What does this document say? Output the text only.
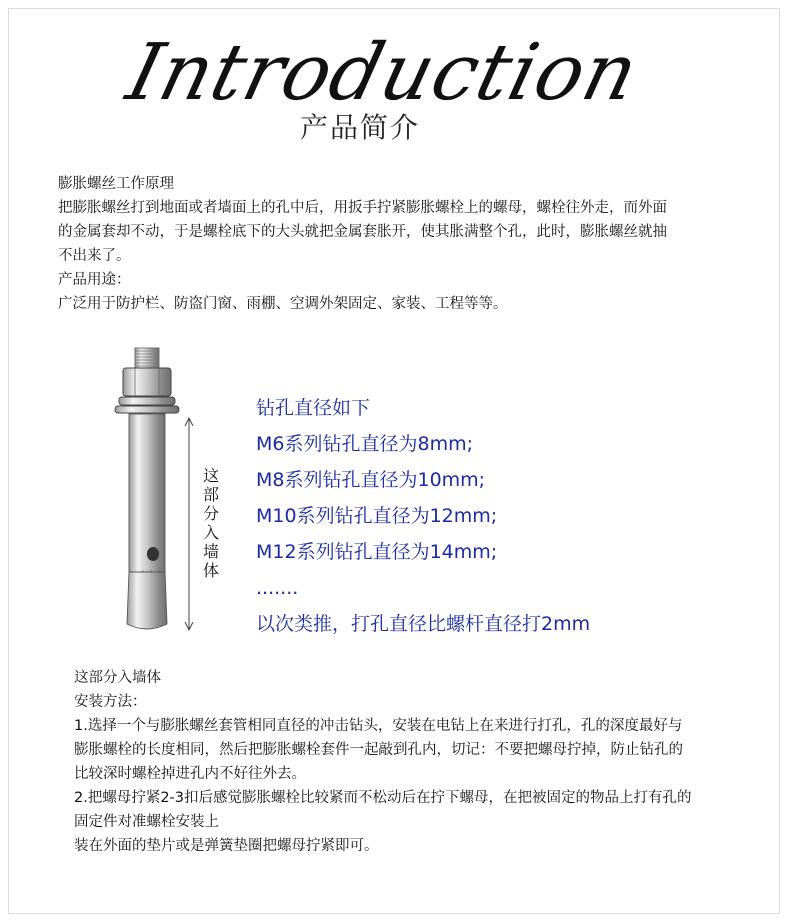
Introduction
产品简介

膨胀螺丝工作原理

把膨胀螺丝打到地面或者墙面上的孔中后，用扳手拧紧膨胀螺栓上的螺母，螺栓往外走，而外面

的金属套却不动，于是螺栓底下的大头就把金属套胀开，使其胀满整个孔，此时，膨胀螺丝就抽

不出来了。

产品用途：

广泛用于防护栏、防盗门窗、雨棚、空调外架固定、家装、工程等等。

这
部
分
入
墙
体

钻孔直径如下

M6系列钻孔直径为8mm;

M8系列钻孔直径为10mm;

M10系列钻孔直径为12mm;

M12系列钻孔直径为14mm;

.......

以次类推，打孔直径比螺杆直径打2mm

这部分入墙体

安装方法：

1.选择一个与膨胀螺丝套管相同直径的冲击钻头，安装在电钻上在来进行打孔，孔的深度最好与

膨胀螺栓的长度相同，然后把膨胀螺栓套件一起敲到孔内，切记：不要把螺母拧掉，防止钻孔的

比较深时螺栓掉进孔内不好往外去。

2.把螺母拧紧2-3扣后感觉膨胀螺栓比较紧而不松动后在拧下螺母，在把被固定的物品上打有孔的

固定件对准螺栓安装上

装在外面的垫片或是弹簧垫圈把螺母拧紧即可。
